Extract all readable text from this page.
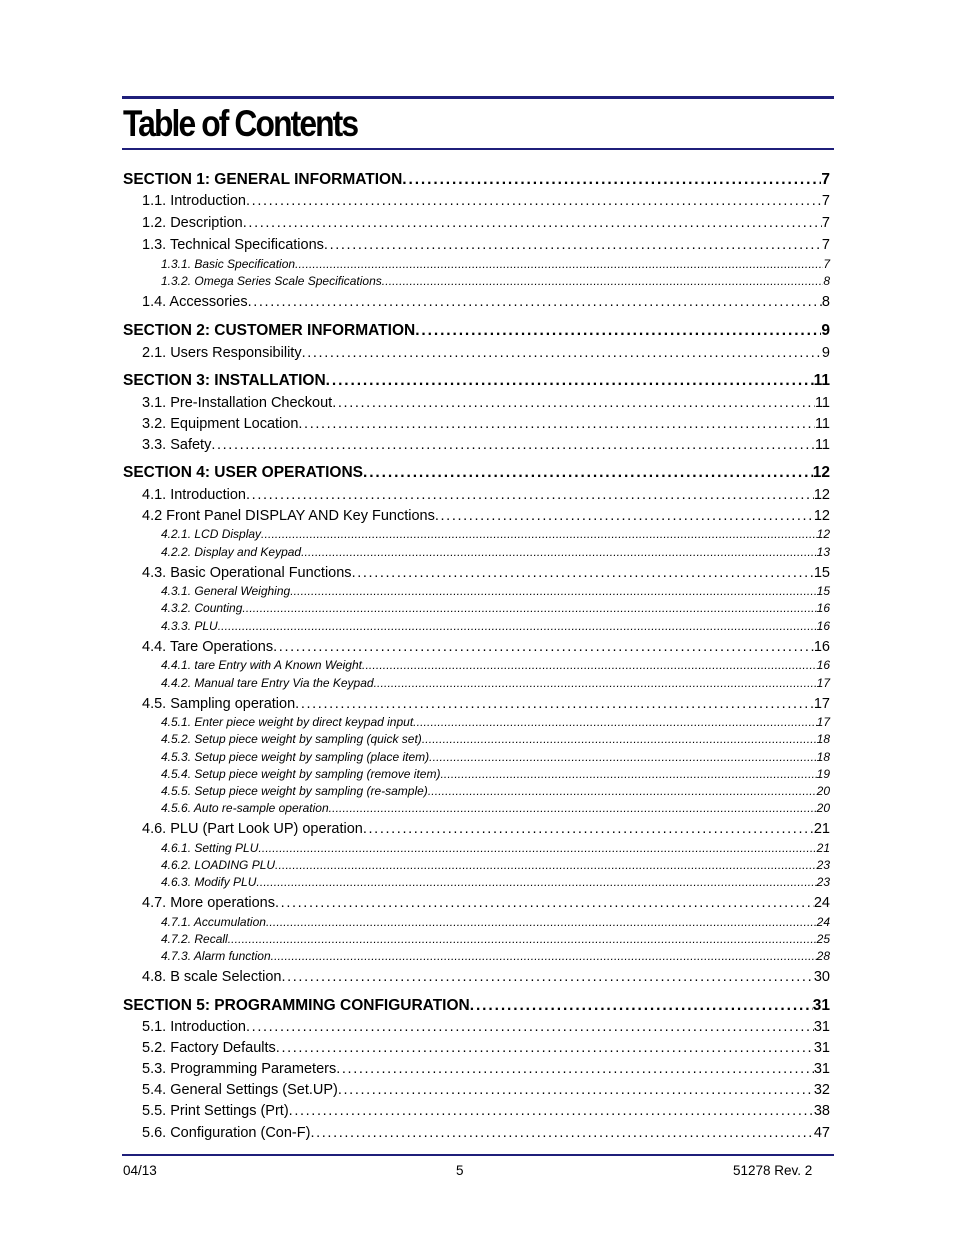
Table of Contents
SECTION 1: GENERAL INFORMATION . . .	7
1.1. Introduction . . .	7
1.2. Description . . .	7
1.3. Technical Specifications . . .	7
1.3.1. Basic Specification . . .	7
1.3.2. Omega Series Scale Specifications . . .	8
1.4. Accessories . . .	8
SECTION 2: CUSTOMER INFORMATION . . .	9
2.1. Users Responsibility . . .	9
SECTION 3: INSTALLATION . . .	11
3.1. Pre-Installation Checkout . . .	11
3.2. Equipment Location . . .	11
3.3. Safety . . .	11
SECTION 4: USER OPERATIONS . . .	12
4.1. Introduction . . .	12
4.2 Front Panel DISPLAY AND Key Functions . . .	12
4.2.1. LCD Display . . .	12
4.2.2. Display and Keypad . . .	13
4.3. Basic Operational Functions . . .	15
4.3.1. General Weighing . . .	15
4.3.2. Counting . . .	16
4.3.3. PLU . . .	16
4.4. Tare Operations . . .	16
4.4.1. tare Entry with A Known Weight . . .	16
4.4.2. Manual tare Entry Via the Keypad . . .	17
4.5. Sampling operation . . .	17
4.5.1. Enter piece weight by direct keypad input . . .	17
4.5.2. Setup piece weight by sampling (quick set) . . .	18
4.5.3. Setup piece weight by sampling (place item) . . .	18
4.5.4. Setup piece weight by sampling (remove item) . . .	19
4.5.5. Setup piece weight by sampling (re-sample) . . .	20
4.5.6. Auto re-sample operation . . .	20
4.6. PLU (Part Look UP) operation . . .	21
4.6.1. Setting PLU . . .	21
4.6.2. LOADING PLU . . .	23
4.6.3. Modify PLU . . .	23
4.7. More operations . . .	24
4.7.1. Accumulation . . .	24
4.7.2. Recall . . .	25
4.7.3. Alarm function . . .	28
4.8. B scale Selection . . .	30
SECTION 5: PROGRAMMING CONFIGURATION . . .	31
5.1. Introduction . . .	31
5.2. Factory Defaults . . .	31
5.3. Programming Parameters . . .	31
5.4. General Settings (Set.UP) . . .	32
5.5. Print Settings (Prt) . . .	38
5.6. Configuration (Con-F) . . .	47
04/13	5	51278 Rev. 2
